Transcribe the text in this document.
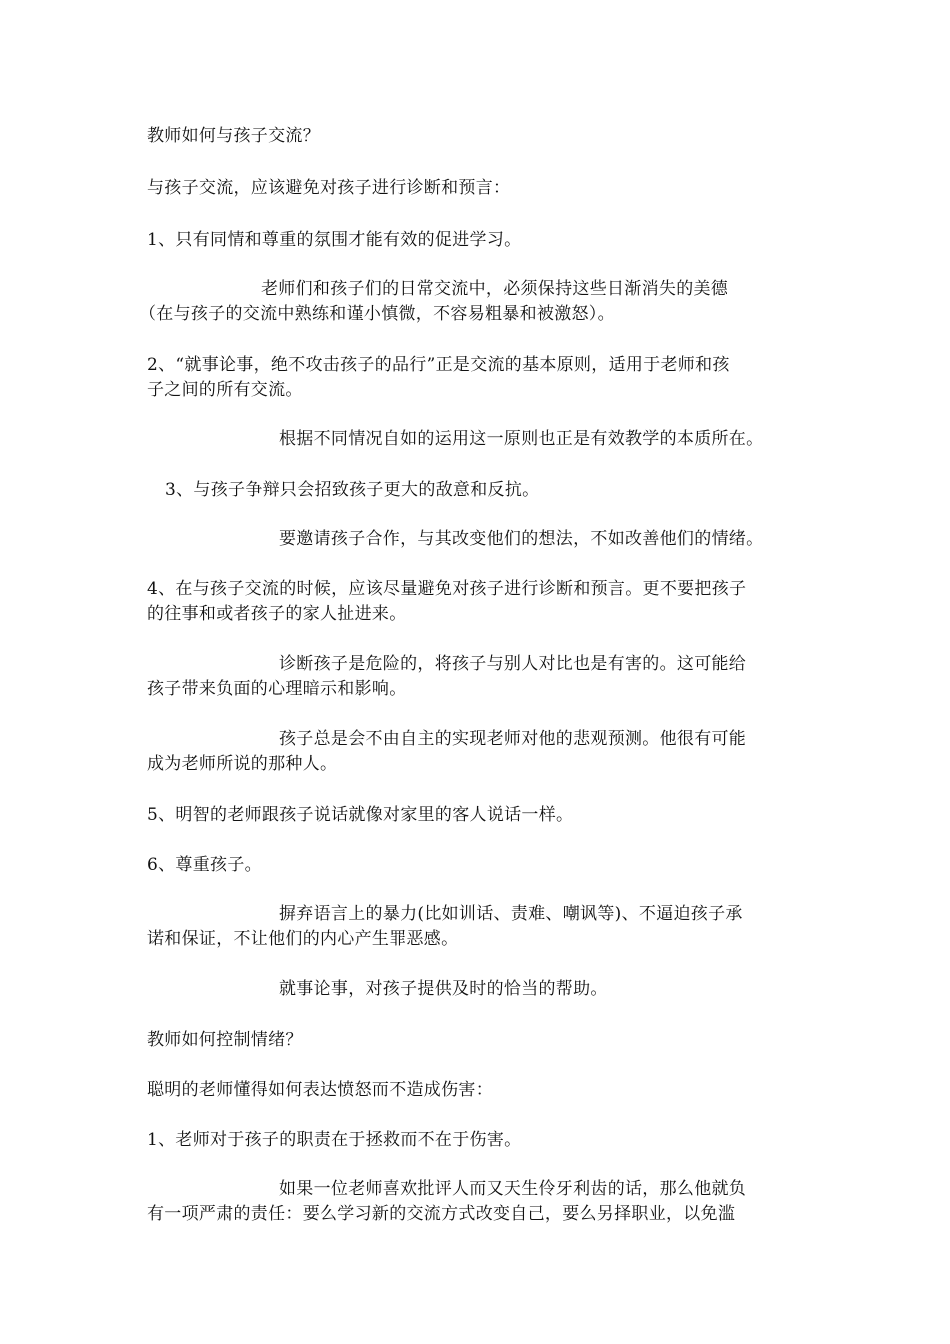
教师如何与孩子交流？
与孩子交流，应该避免对孩子进行诊断和预言：
1、只有同情和尊重的氛围才能有效的促进学习。
老师们和孩子们的日常交流中，必须保持这些日渐消失的美德
（在与孩子的交流中熟练和谨小慎微，不容易粗暴和被激怒）。
2、“就事论事，绝不攻击孩子的品行”正是交流的基本原则，适用于老师和孩
子之间的所有交流。
根据不同情况自如的运用这一原则也正是有效教学的本质所在。
3、与孩子争辩只会招致孩子更大的敌意和反抗。
要邀请孩子合作，与其改变他们的想法，不如改善他们的情绪。
4、在与孩子交流的时候，应该尽量避免对孩子进行诊断和预言。更不要把孩子
的往事和或者孩子的家人扯进来。
诊断孩子是危险的，将孩子与别人对比也是有害的。这可能给
孩子带来负面的心理暗示和影响。
孩子总是会不由自主的实现老师对他的悲观预测。他很有可能
成为老师所说的那种人。
5、明智的老师跟孩子说话就像对家里的客人说话一样。
6、尊重孩子。
摒弃语言上的暴力(比如训话、责难、嘲讽等)、不逼迫孩子承
诺和保证，不让他们的内心产生罪恶感。
就事论事，对孩子提供及时的恰当的帮助。
教师如何控制情绪？
聪明的老师懂得如何表达愤怒而不造成伤害：
1、老师对于孩子的职责在于拯救而不在于伤害。
如果一位老师喜欢批评人而又天生伶牙利齿的话，那么他就负
有一项严肃的责任：要么学习新的交流方式改变自己，要么另择职业，以免滥
